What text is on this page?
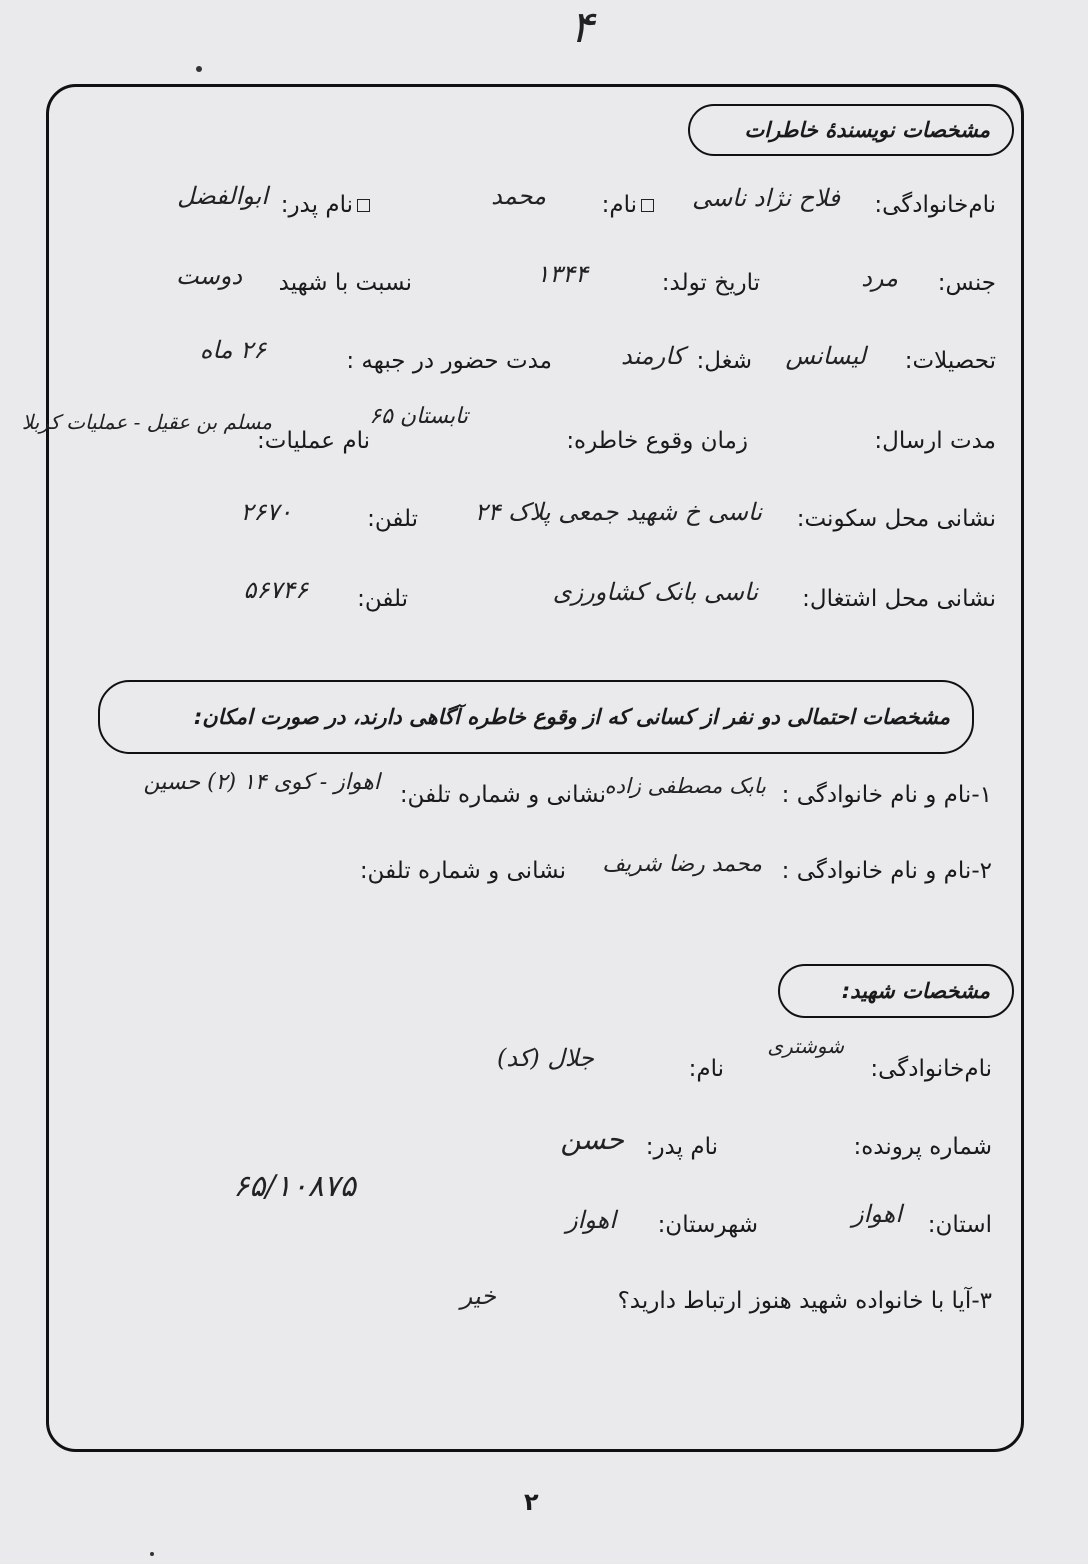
۴
مشخصات نویسندهٔ خاطرات
نام‌خانوادگی:
فلاح نژاد ناسی
نام:
محمد
نام پدر:
ابوالفضل
جنس:
مرد
تاریخ تولد:
۱۳۴۴
نسبت با شهید
دوست
تحصیلات:
لیسانس
شغل:
کارمند
مدت حضور در جبهه :
۲۶ ماه
مدت ارسال:
زمان وقوع خاطره:
تابستان ۶۵
نام عملیات:
مسلم بن عقیل - عملیات کربلا
نشانی محل سکونت:
ناسی خ شهید جمعی پلاک ۲۴
تلفن:
۲۶۷۰
نشانی محل اشتغال:
ناسی بانک کشاورزی
تلفن:
۵۶۷۴۶
مشخصات احتمالی دو نفر از کسانی که از وقوع خاطره آگاهی دارند، در صورت امکان:
۱-نام و نام خانوادگی :
بابک مصطفی زاده
نشانی و شماره تلفن:
اهواز - کوی ۱۴ (۲) حسین
۲-نام و نام خانوادگی :
محمد رضا شریف
نشانی و شماره تلفن:
مشخصات شهید:
نام‌خانوادگی:
شوشتری
نام:
جلال (کد)
شماره پرونده:
نام پدر:
حسن
۶۵/۱۰۸۷۵
استان:
اهواز
شهرستان:
اهواز
۳-آیا با خانواده شهید هنوز ارتباط دارید؟
خیر
۲
